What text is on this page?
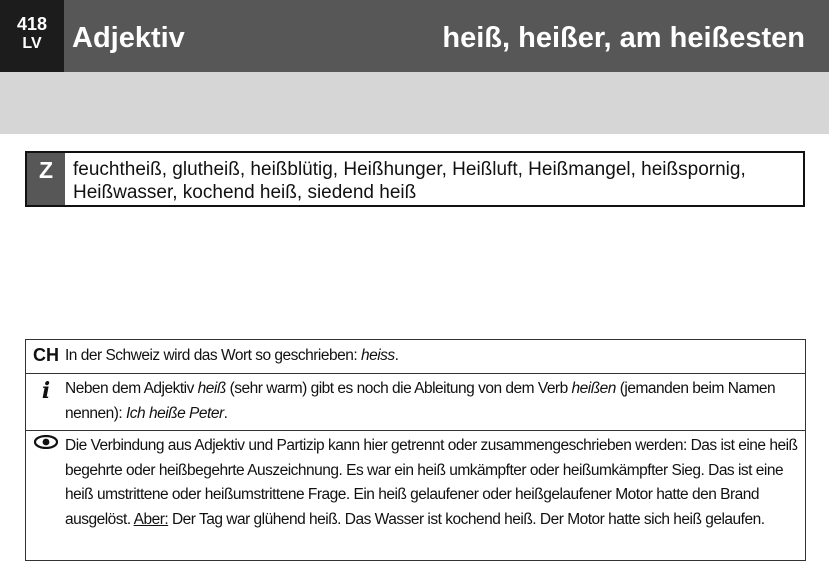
418
LV	Adjektiv	heiß, heißer, am heißesten
Z	feuchtheiß, glutheiß, heißblütig, Heißhunger, Heißluft, Heißmangel, heißspornig, Heißwasser, kochend heiß, siedend heiß
CH In der Schweiz wird das Wort so geschrieben: heiss.
i Neben dem Adjektiv heiß (sehr warm) gibt es noch die Ableitung von dem Verb heißen (jemanden beim Namen nennen): Ich heiße Peter.
Die Verbindung aus Adjektiv und Partizip kann hier getrennt oder zusammengeschrieben werden: Das ist eine heiß begehrte oder heißbegehrte Auszeichnung. Es war ein heiß umkämpfter oder heißumkämpfter Sieg. Das ist eine heiß umstrittene oder heißumstrittene Frage. Ein heiß gelaufener oder heißgelaufener Motor hatte den Brand ausgelöst. Aber: Der Tag war glühend heiß. Das Wasser ist kochend heiß. Der Motor hatte sich heiß gelaufen.
